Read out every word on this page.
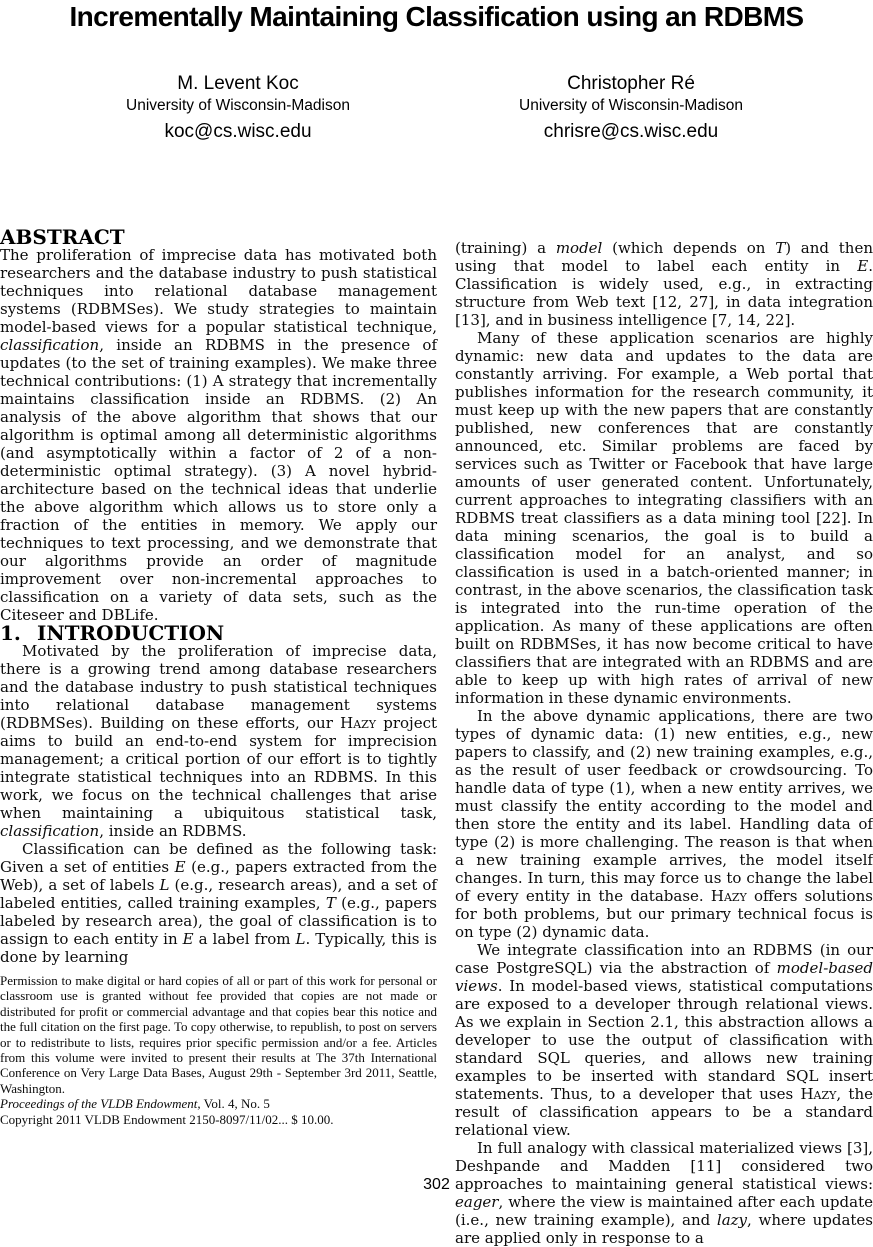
Incrementally Maintaining Classification using an RDBMS
M. Levent Koc
University of Wisconsin-Madison
koc@cs.wisc.edu
Christopher Ré
University of Wisconsin-Madison
chrisre@cs.wisc.edu
ABSTRACT

The proliferation of imprecise data has motivated both researchers and the database industry to push statistical techniques into relational database management systems (RDBMSes). We study strategies to maintain model-based views for a popular statistical technique, classification, inside an RDBMS in the presence of updates (to the set of training examples). We make three technical contributions: (1) A strategy that incrementally maintains classification inside an RDBMS. (2) An analysis of the above algorithm that shows that our algorithm is optimal among all deterministic algorithms (and asymptotically within a factor of 2 of a non-deterministic optimal strategy). (3) A novel hybrid-architecture based on the technical ideas that underlie the above algorithm which allows us to store only a fraction of the entities in memory. We apply our techniques to text processing, and we demonstrate that our algorithms provide an order of magnitude improvement over non-incremental approaches to classification on a variety of data sets, such as the Citeseer and DBLife.

1. INTRODUCTION

Motivated by the proliferation of imprecise data, there is a growing trend among database researchers and the database industry to push statistical techniques into relational database management systems (RDBMSes). Building on these efforts, our Hazy project aims to build an end-to-end system for imprecision management; a critical portion of our effort is to tightly integrate statistical techniques into an RDBMS. In this work, we focus on the technical challenges that arise when maintaining a ubiquitous statistical task, classification, inside an RDBMS.

Classification can be defined as the following task: Given a set of entities E (e.g., papers extracted from the Web), a set of labels L (e.g., research areas), and a set of labeled entities, called training examples, T (e.g., papers labeled by research area), the goal of classification is to assign to each entity in E a label from L. Typically, this is done by learning

Permission to make digital or hard copies of all or part of this work for personal or classroom use is granted without fee provided that copies are not made or distributed for profit or commercial advantage and that copies bear this notice and the full citation on the first page. To copy otherwise, to republish, to post on servers or to redistribute to lists, requires prior specific permission and/or a fee. Articles from this volume were invited to present their results at The 37th International Conference on Very Large Data Bases, August 29th - September 3rd 2011, Seattle, Washington.

Proceedings of the VLDB Endowment, Vol. 4, No. 5

Copyright 2011 VLDB Endowment 2150-8097/11/02... $ 10.00.

(training) a model (which depends on T) and then using that model to label each entity in E. Classification is widely used, e.g., in extracting structure from Web text [12, 27], in data integration [13], and in business intelligence [7, 14, 22].

Many of these application scenarios are highly dynamic: new data and updates to the data are constantly arriving. For example, a Web portal that publishes information for the research community, it must keep up with the new papers that are constantly published, new conferences that are constantly announced, etc. Similar problems are faced by services such as Twitter or Facebook that have large amounts of user generated content. Unfortunately, current approaches to integrating classifiers with an RDBMS treat classifiers as a data mining tool [22]. In data mining scenarios, the goal is to build a classification model for an analyst, and so classification is used in a batch-oriented manner; in contrast, in the above scenarios, the classification task is integrated into the run-time operation of the application. As many of these applications are often built on RDBMSes, it has now become critical to have classifiers that are integrated with an RDBMS and are able to keep up with high rates of arrival of new information in these dynamic environments.

In the above dynamic applications, there are two types of dynamic data: (1) new entities, e.g., new papers to classify, and (2) new training examples, e.g., as the result of user feedback or crowdsourcing. To handle data of type (1), when a new entity arrives, we must classify the entity according to the model and then store the entity and its label. Handling data of type (2) is more challenging. The reason is that when a new training example arrives, the model itself changes. In turn, this may force us to change the label of every entity in the database. Hazy offers solutions for both problems, but our primary technical focus is on type (2) dynamic data.

We integrate classification into an RDBMS (in our case PostgreSQL) via the abstraction of model-based views. In model-based views, statistical computations are exposed to a developer through relational views. As we explain in Section 2.1, this abstraction allows a developer to use the output of classification with standard SQL queries, and allows new training examples to be inserted with standard SQL insert statements. Thus, to a developer that uses Hazy, the result of classification appears to be a standard relational view.

In full analogy with classical materialized views [3], Deshpande and Madden [11] considered two approaches to maintaining general statistical views: eager, where the view is maintained after each update (i.e., new training example), and lazy, where updates are applied only in response to a

302
